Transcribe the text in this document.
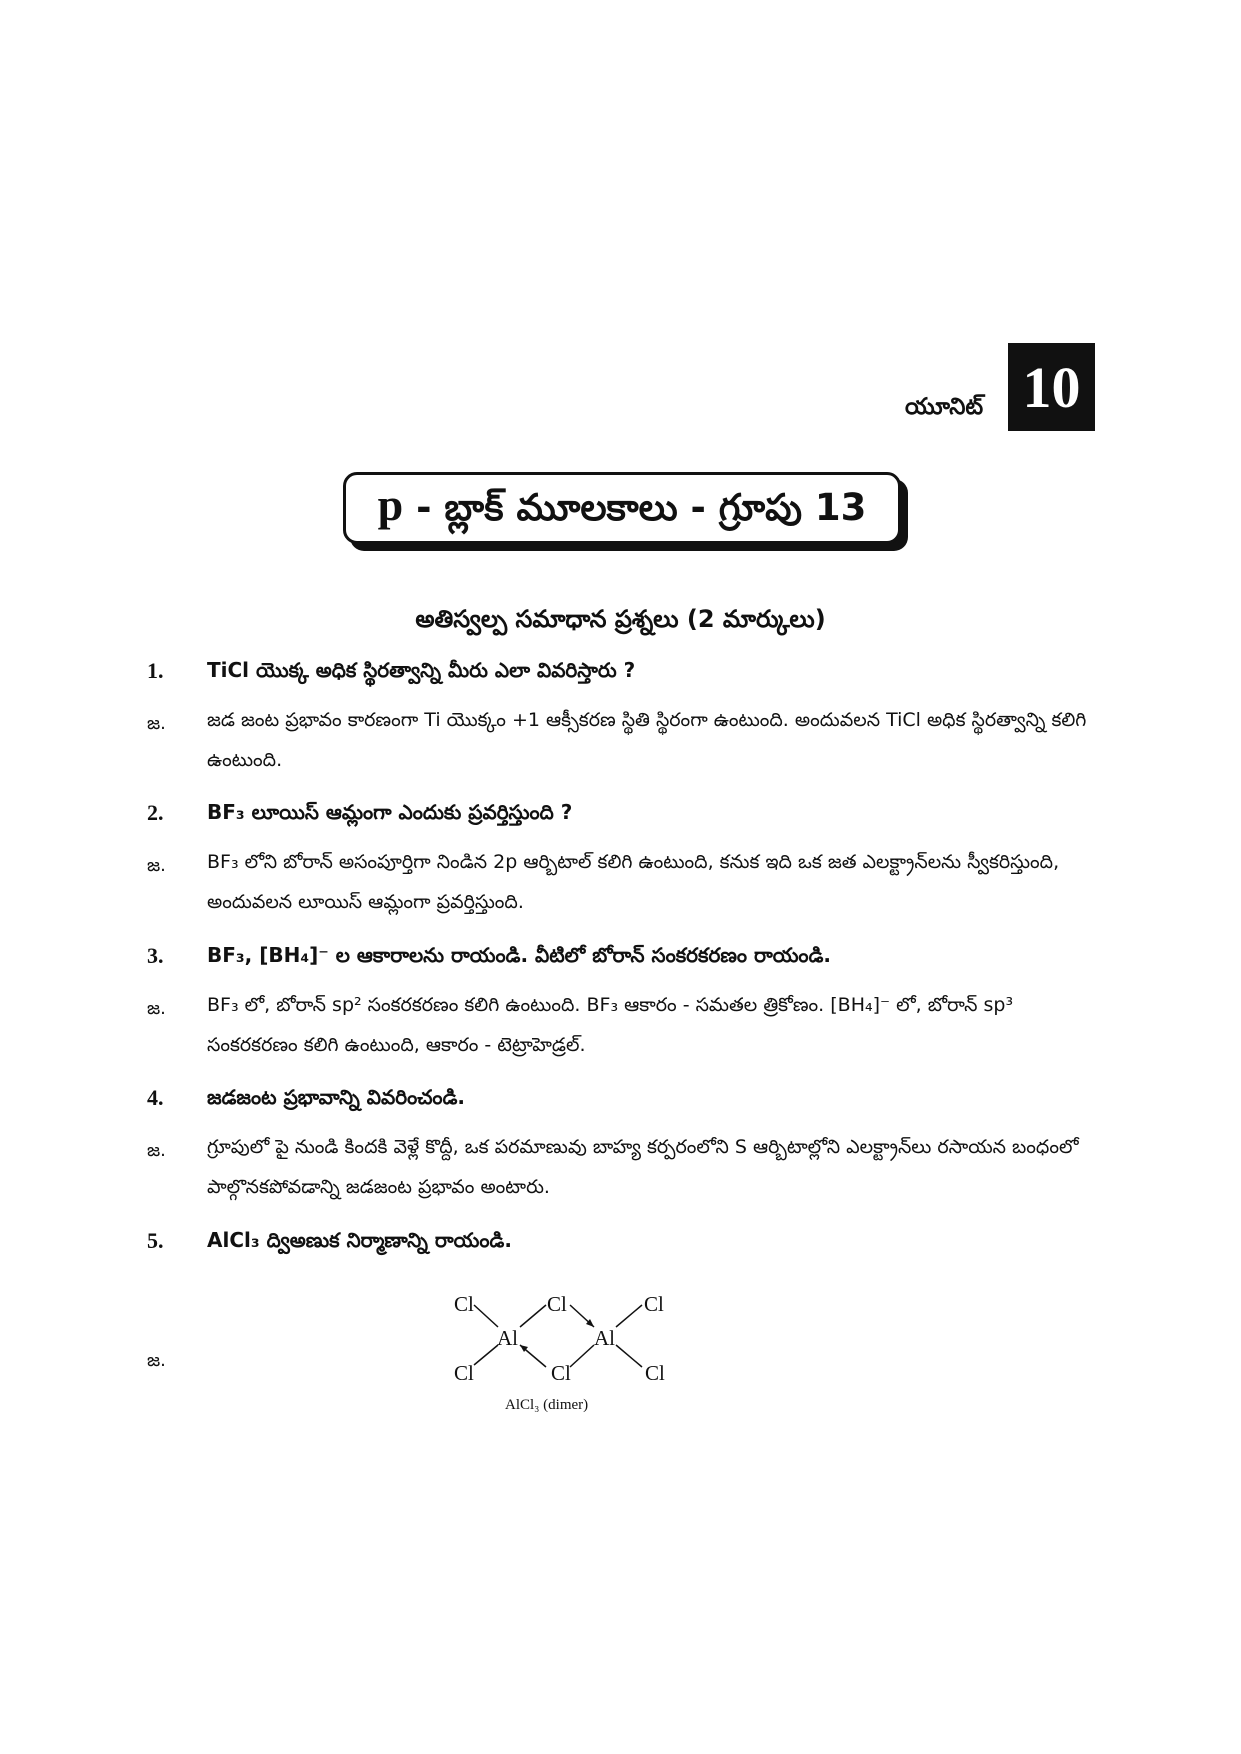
యూనిట్ 10
p - బ్లాక్ మూలకాలు - గ్రూపు 13
అతిస్వల్ప సమాధాన ప్రశ్నలు (2 మార్కులు)
1. TiCl యొక్క అధిక స్థిరత్వాన్ని మీరు ఎలా వివరిస్తారు ?
జ. జడ జంట ప్రభావం కారణంగా Ti యొక్కం +1 ఆక్సీకరణ స్థితి స్థిరంగా ఉంటుంది. అందువలన TiCl అధిక స్థిరత్వాన్ని కలిగి ఉంటుంది.
2. BF₃ లూయిస్ ఆమ్లంగా ఎందుకు ప్రవర్తిస్తుంది ?
జ. BF₃ లోని బోరాన్ అసంపూర్తిగా నిండిన 2p ఆర్బిటాల్ కలిగి ఉంటుంది, కనుక ఇది ఒక జత ఎలక్ట్రాన్‌లను స్వీకరిస్తుంది, అందువలన లూయిస్ ఆమ్లంగా ప్రవర్తిస్తుంది.
3. BF₃, [BH₄]⁻ ల ఆకారాలను రాయండి. వీటిలో బోరాన్ సంకరకరణం రాయండి.
జ. BF₃ లో, బోరాన్ sp² సంకరకరణం కలిగి ఉంటుంది. BF₃ ఆకారం - సమతల త్రికోణం. [BH₄]⁻ లో, బోరాన్ sp³ సంకరకరణం కలిగి ఉంటుంది, ఆకారం - టెట్రాహెడ్రల్.
4. జడజంట ప్రభావాన్ని వివరించండి.
జ. గ్రూపులో పై నుండి కిందకి వెళ్లే కొద్దీ, ఒక పరమాణువు బాహ్య కర్పరంలోని S ఆర్బిటాల్లోని ఎలక్ట్రాన్‌లు రసాయన బంధంలో పాల్గొనకపోవడాన్ని జడజంట ప్రభావం అంటారు.
5. AlCl₃ ద్విఅణుక నిర్మాణాన్ని రాయండి.
జ.
Cl	Cl	Cl
Al	Al
Cl	Cl	Cl
AlCl₃ (dimer)
